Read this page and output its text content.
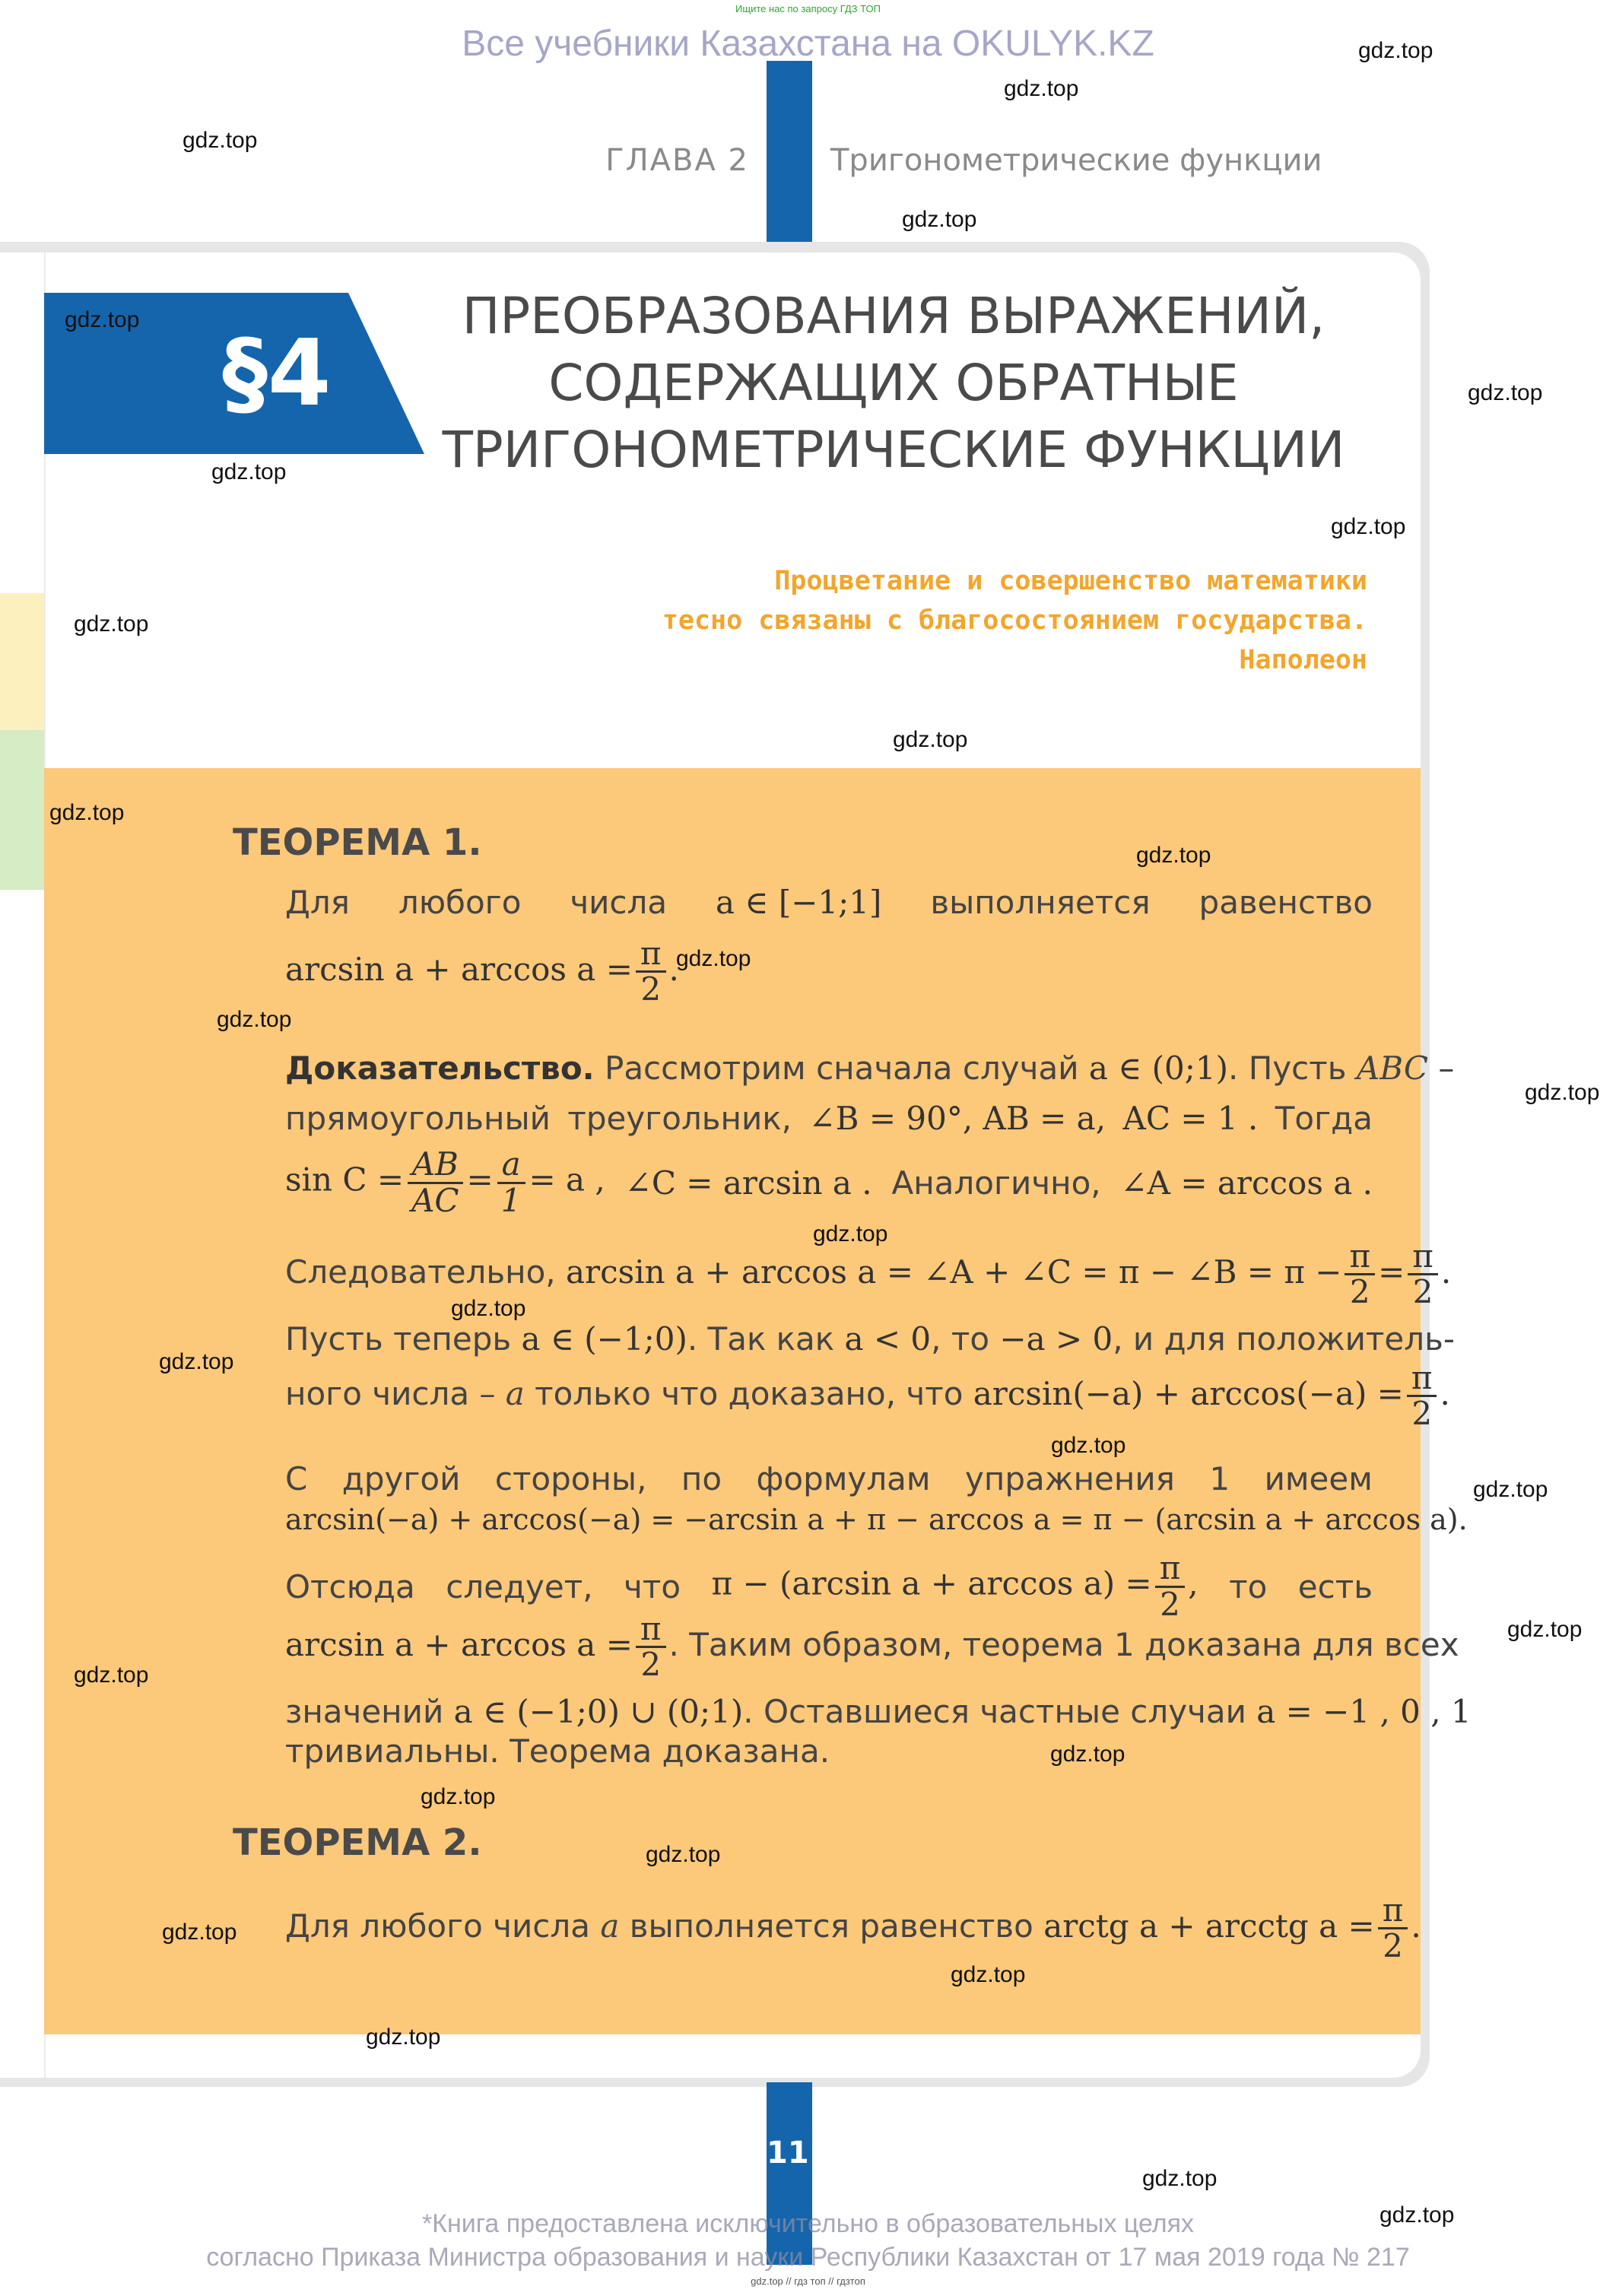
Ищите нас по запросу ГДЗ ТОП
Все учебники Казахстана на OKULYK.KZ
ГЛАВА 2	Тригонометрические функции
§4
ПРЕОБРАЗОВАНИЯ ВЫРАЖЕНИЙ,
СОДЕРЖАЩИХ ОБРАТНЫЕ
ТРИГОНОМЕТРИЧЕСКИЕ ФУНКЦИИ
Процветание и совершенство математики
тесно связаны с благосостоянием государства.
Наполеон
ТЕОРЕМА 1.
Для любого числа a ∈ [−1;1] выполняется равенство
$\arcsin a + \arccos a = \frac{\pi}{2}$ .
Доказательство. Рассмотрим сначала случай a ∈ (0;1). Пусть ABC –
прямоугольный треугольник, ∠B = 90°, AB = a, AC = 1 . Тогда
$\sin C = \frac{AB}{AC} = \frac{a}{1} = a$ , ∠C = arcsin a . Аналогично, ∠A = arccos a .
Следовательно, arcsin a + arccos a = ∠A + ∠C = π − ∠B = $\pi - \frac{\pi}{2} = \frac{\pi}{2}$ .
Пусть теперь a ∈ (−1;0). Так как a < 0, то −a > 0, и для положитель-
ного числа – a только что доказано, что $\arcsin(-a) + \arccos(-a) = \frac{\pi}{2}$ .
С другой стороны, по формулам упражнения 1 имеем
arcsin(−a) + arccos(−a) = −arcsin a + π − arccos a = π − (arcsin a + arccos a).
Отсюда следует, что π − (arcsin $a + \arccos a) = \frac{\pi}{2}$ , то есть
$\arcsin a + \arccos a = \frac{\pi}{2}$ . Таким образом, теорема 1 доказана для всех
значений a ∈ (−1;0) ∪ (0;1). Оставшиеся частные случаи a = −1 , 0 , 1
тривиальны. Теорема доказана.
ТЕОРЕМА 2.
Для любого числа a выполняется равенство arctg a + arcctg $a = \frac{\pi}{2}$ .
111
*Книга предоставлена исключительно в образовательных целях
согласно Приказа Министра образования и науки Республики Казахстан от 17 мая 2019 года № 217
gdz.top // гдз топ // гдзтоп
gdz.top
gdz.top
gdz.top
gdz.top
gdz.top
gdz.top
gdz.top
gdz.top
gdz.top
gdz.top
gdz.top
gdz.top
gdz.top
gdz.top
gdz.top
gdz.top
gdz.top
gdz.top
gdz.top
gdz.top
gdz.top
gdz.top
gdz.top
gdz.top
gdz.top
gdz.top
gdz.top
gdz.top
gdz.top
gdz.top
